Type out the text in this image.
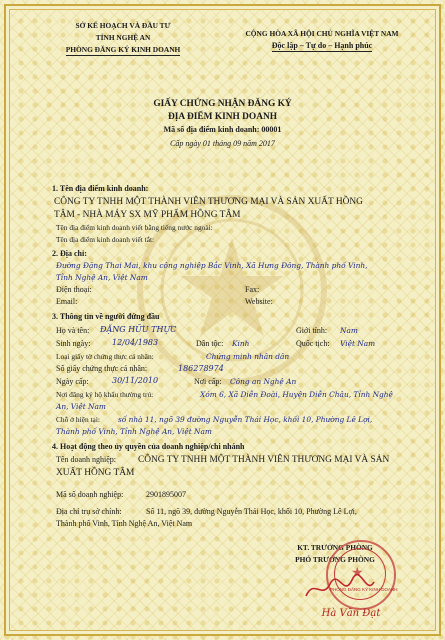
SỞ KẾ HOẠCH VÀ ĐẦU TƯ
TỈNH NGHỆ AN
PHÒNG ĐĂNG KÝ KINH DOANH
CỘNG HÒA XÃ HỘI CHỦ NGHĨA VIỆT NAM
Độc lập – Tự do – Hạnh phúc
GIẤY CHỨNG NHẬN ĐĂNG KÝ
ĐỊA ĐIỂM KINH DOANH
Mã số địa điểm kinh doanh: 00001
Cấp ngày 01 tháng 09 năm 2017
1. Tên địa điểm kinh doanh:
CÔNG TY TNHH MỘT THÀNH VIÊN THƯƠNG MẠI VÀ SẢN XUẤT HỒNG
TÂM - NHÀ MÁY SX MỸ PHẨM HỒNG TÂM
Tên địa điểm kinh doanh viết bằng tiếng nước ngoài:
Tên địa điểm kinh doanh viết tắt:
2. Địa chỉ:
Đường Đặng Thai Mai, khu công nghiệp Bắc Vinh, Xã Hưng Đông, Thành phố Vinh,
Tỉnh Nghệ An, Việt Nam
Điện thoại:	Fax:
Email:	Website:
3. Thông tin về người đứng đầu
Họ và tên: ĐẶNG HỮU THỰC	Giới tính: Nam
Sinh ngày:	12/04/1983	Dân tộc: Kinh	Quốc tịch: Việt Nam
Loại giấy tờ chứng thực cá nhân:	Chứng minh nhân dân
Số giấy chứng thực cá nhân:	186278974
Ngày cấp:	30/11/2010	Nơi cấp: Công an Nghệ An
Nơi đăng ký hộ khẩu thường trú:	Xóm 6, Xã Diễn Đoài, Huyện Diễn Châu, Tỉnh Nghệ
An, Việt Nam
Chỗ ở hiện tại: số nhà 11, ngõ 39 đường Nguyễn Thái Học, khối 10, Phường Lê Lợi,
Thành phố Vinh, Tỉnh Nghệ An, Việt Nam
4. Hoạt động theo ủy quyền của doanh nghiệp/chi nhánh
Tên doanh nghiệp: CÔNG TY TNHH MỘT THÀNH VIÊN THƯƠNG MẠI VÀ SẢN
XUẤT HỒNG TÂM
Mã số doanh nghiệp:	2901895007
Địa chỉ trụ sở chính:	Số 11, ngõ 39, đường Nguyễn Thái Học, khối 10, Phường Lê Lợi,
Thành phố Vinh, Tỉnh Nghệ An, Việt Nam
KT. TRƯỞNG PHÒNG
PHÓ TRƯỞNG PHÒNG
★
PHÒNG ĐĂNG KÝ KINH DOANH
Hà Văn Đạt
